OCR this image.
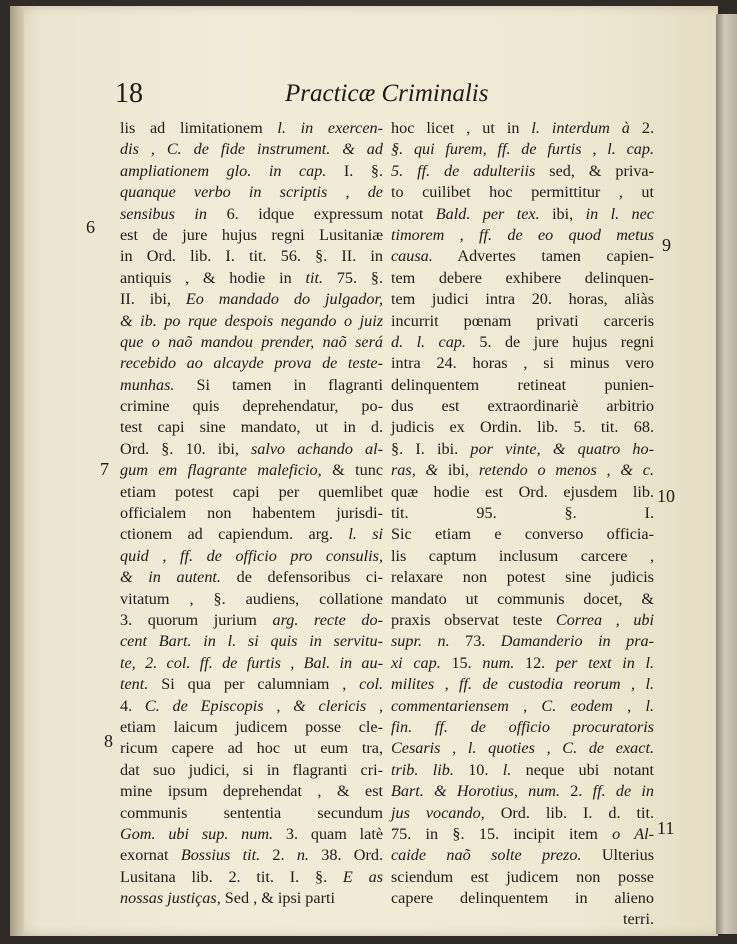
18	Practicæ Criminalis
lis ad limitationem l. in exercen-
dis , C. de fide instrument. & ad
ampliationem glo. in cap. I. §.
quanque verbo in scriptis , de
sensibus in 6. idque expressum
est de jure hujus regni Lusitaniæ
in Ord. lib. I. tit. 56. §. II. in
antiquis , & hodie in tit. 75. §.
II. ibi, Eo mandado do julgador,
& ib. po rque despois negando o juiz
que o naõ mandou prender, naõ será
recebido ao alcayde prova de teste-
munhas. Si tamen in flagranti
crimine quis deprehendatur, po-
test capi sine mandato, ut in d.
Ord. §. 10. ibi, salvo achando al-
gum em flagrante maleficio, & tunc
etiam potest capi per quemlibet
officialem non habentem jurisdi-
ctionem ad capiendum. arg. l. si
quid , ff. de officio pro consulis,
& in autent. de defensoribus ci-
vitatum , §. audiens, collatione
3. quorum jurium arg. recte do-
cent Bart. in l. si quis in servitu-
te, 2. col. ff. de furtis , Bal. in au-
tent. Si qua per calumniam , col.
4. C. de Episcopis , & clericis ,
etiam laicum judicem posse cle-
ricum capere ad hoc ut eum tra,
dat suo judici, si in flagranti cri-
mine ipsum deprehendat , & est
communis sententia secundum
Gom. ubi sup. num. 3. quam latè
exornat Bossius tit. 2. n. 38. Ord.
Lusitana lib. 2. tit. I. §. E as
nossas justiças, Sed , & ipsi parti
hoc licet , ut in l. interdum à 2.
§. qui furem, ff. de furtis , l. cap.
5. ff. de adulteriis sed, & priva-
to cuilibet hoc permittitur , ut
notat Bald. per tex. ibi, in l. nec
timorem , ff. de eo quod metus
causa. Advertes tamen capien-
tem debere exhibere delinquen-
tem judici intra 20. horas, aliàs
incurrit pœnam privati carceris
d. l. cap. 5. de jure hujus regni
intra 24. horas , si minus vero
delinquentem retineat punien-
dus est extraordinariè arbitrio
judicis ex Ordin. lib. 5. tit. 68.
§. I. ibi. por vinte, & quatro ho-
ras, & ibi, retendo o menos , & c.
quæ hodie est Ord. ejusdem lib.
tit. 95. §. I.
Sic etiam e converso officia-
lis captum inclusum carcere ,
relaxare non potest sine judicis
mandato ut communis docet, &
praxis observat teste Correa , ubi
supr. n. 73. Damanderio in pra-
xi cap. 15. num. 12. per text in l.
milites , ff. de custodia reorum , l.
commentariensem , C. eodem , l.
fin. ff. de officio procuratoris
Cesaris , l. quoties , C. de exact.
trib. lib. 10. l. neque ubi notant
Bart. & Horotius, num. 2. ff. de in
jus vocando, Ord. lib. I. d. tit.
75. in §. 15. incipit item o Al-
caide naõ solte prezo. Ulterius
sciendum est judicem non posse
capere delinquentem in alieno
terri.
6
7
8
9
10
11
